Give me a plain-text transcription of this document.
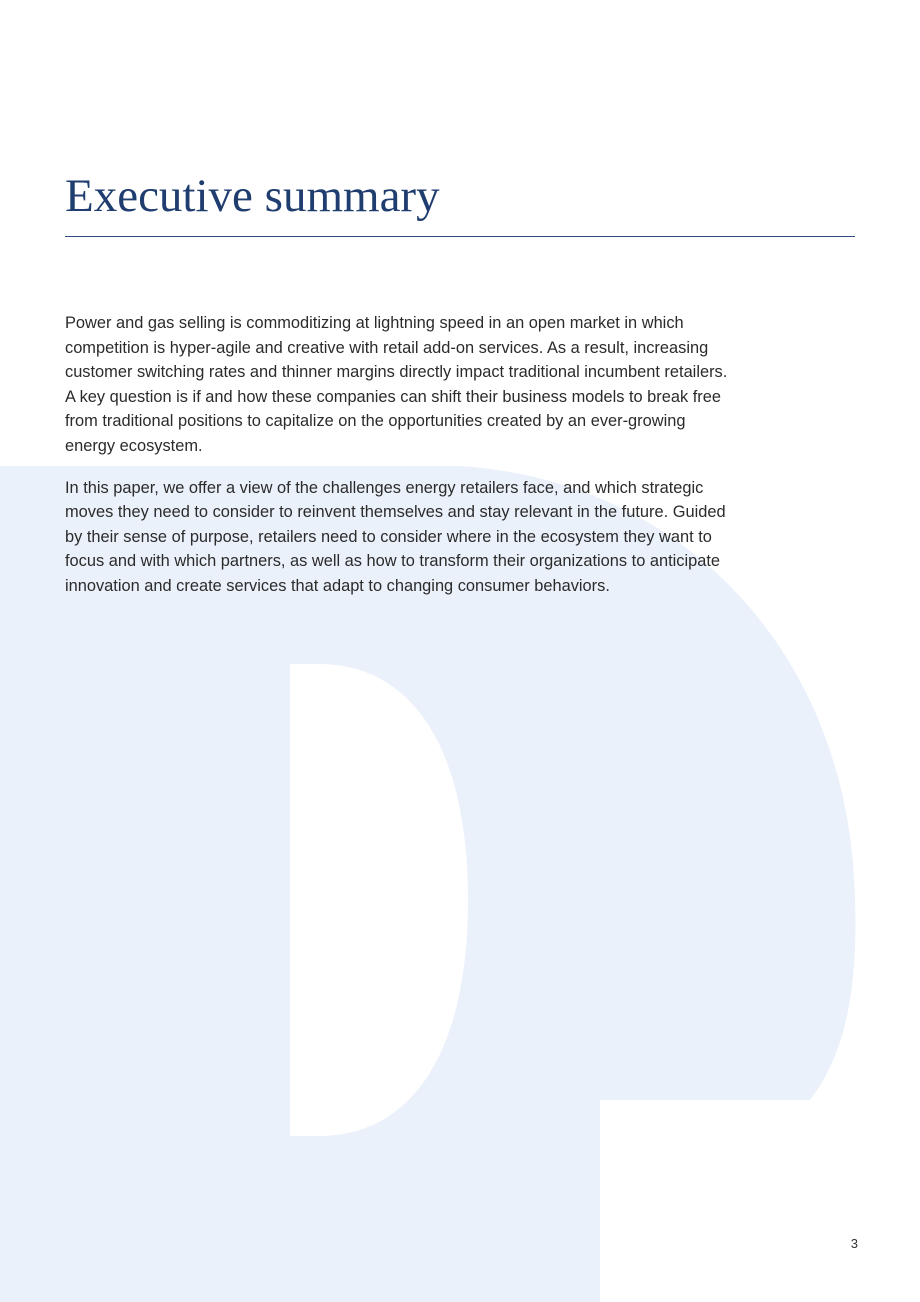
Executive summary

Power and gas selling is commoditizing at lightning speed in an open market in which competition is hyper-agile and creative with retail add-on services. As a result, increasing customer switching rates and thinner margins directly impact traditional incumbent retailers. A key question is if and how these companies can shift their business models to break free from traditional positions to capitalize on the opportunities created by an ever-growing energy ecosystem.

In this paper, we offer a view of the challenges energy retailers face, and which strategic moves they need to consider to reinvent themselves and stay relevant in the future. Guided by their sense of purpose, retailers need to consider where in the ecosystem they want to focus and with which partners, as well as how to transform their organizations to anticipate innovation and create services that adapt to changing consumer behaviors.

3
